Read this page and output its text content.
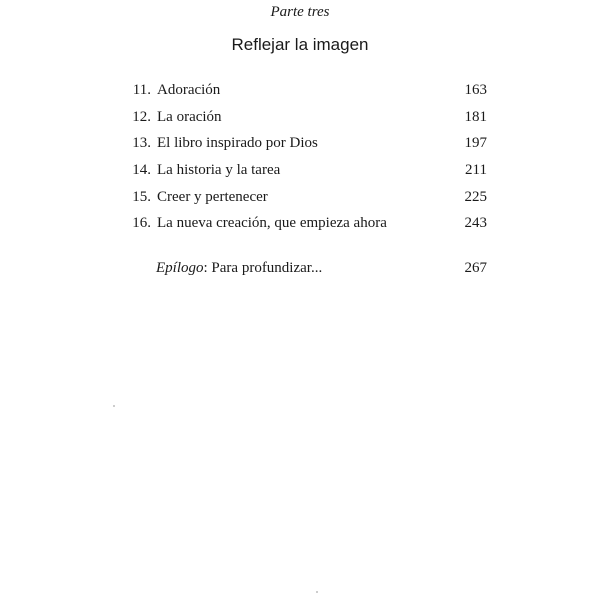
Parte tres
Reflejar la imagen
11. Adoración	163
12. La oración	181
13. El libro inspirado por Dios	197
14. La historia y la tarea	211
15. Creer y pertenecer	225
16. La nueva creación, que empieza ahora	243
Epílogo: Para profundizar...	267
